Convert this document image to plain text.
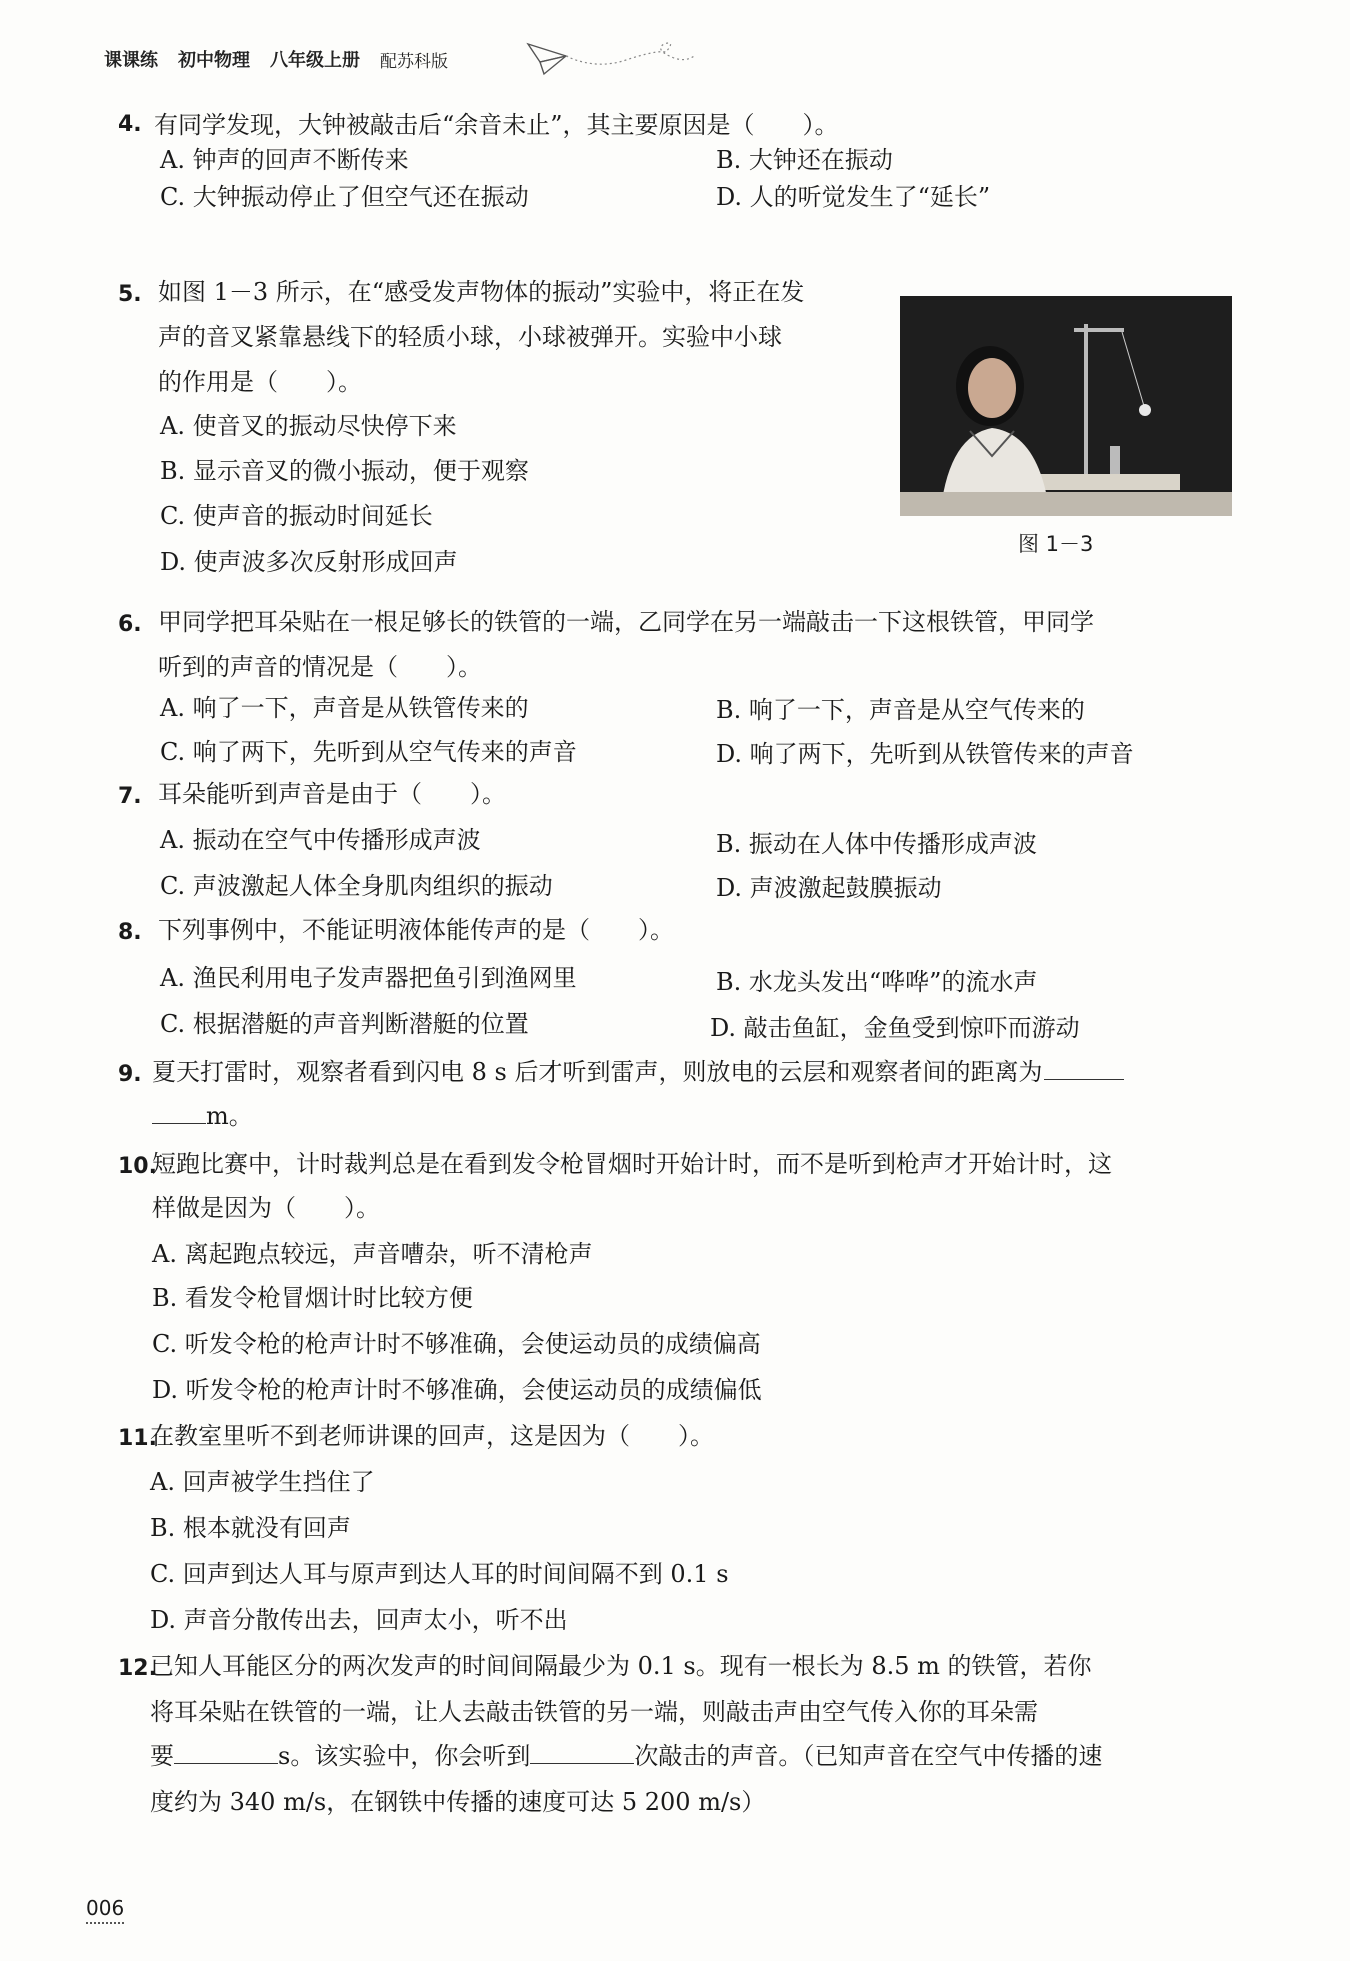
课课练 初中物理 八年级上册 配苏科版
4. 有同学发现，大钟被敲击后“余音未止”，其主要原因是（　　）。
A. 钟声的回声不断传来	B. 大钟还在振动
C. 大钟振动停止了但空气还在振动	D. 人的听觉发生了“延长”
5. 如图 1－3 所示，在“感受发声物体的振动”实验中，将正在发
声的音叉紧靠悬线下的轻质小球，小球被弹开。实验中小球
的作用是（　　）。
A. 使音叉的振动尽快停下来
B. 显示音叉的微小振动，便于观察
C. 使声音的振动时间延长
D. 使声波多次反射形成回声
图 1－3
6. 甲同学把耳朵贴在一根足够长的铁管的一端，乙同学在另一端敲击一下这根铁管，甲同学
听到的声音的情况是（　　）。
A. 响了一下，声音是从铁管传来的	B. 响了一下，声音是从空气传来的
C. 响了两下，先听到从空气传来的声音	D. 响了两下，先听到从铁管传来的声音
7. 耳朵能听到声音是由于（　　）。
A. 振动在空气中传播形成声波	B. 振动在人体中传播形成声波
C. 声波激起人体全身肌肉组织的振动	D. 声波激起鼓膜振动
8. 下列事例中，不能证明液体能传声的是（　　）。
A. 渔民利用电子发声器把鱼引到渔网里	B. 水龙头发出“哗哗”的流水声
C. 根据潜艇的声音判断潜艇的位置	D. 敲击鱼缸，金鱼受到惊吓而游动
9. 夏天打雷时，观察者看到闪电 8 s 后才听到雷声，则放电的云层和观察者间的距离为
m。
10.
短跑比赛中，计时裁判总是在看到发令枪冒烟时开始计时，而不是听到枪声才开始计时，这
样做是因为（　　）。
A. 离起跑点较远，声音嘈杂，听不清枪声
B. 看发令枪冒烟计时比较方便
C. 听发令枪的枪声计时不够准确，会使运动员的成绩偏高
D. 听发令枪的枪声计时不够准确，会使运动员的成绩偏低
11.
在教室里听不到老师讲课的回声，这是因为（　　）。
A. 回声被学生挡住了
B. 根本就没有回声
C. 回声到达人耳与原声到达人耳的时间间隔不到 0.1 s
D. 声音分散传出去，回声太小，听不出
12.
已知人耳能区分的两次发声的时间间隔最少为 0.1 s。现有一根长为 8.5 m 的铁管，若你
将耳朵贴在铁管的一端，让人去敲击铁管的另一端，则敲击声由空气传入你的耳朵需
要	s。该实验中，你会听到	次敲击的声音。（已知声音在空气中传播的速
度约为 340 m/s，在钢铁中传播的速度可达 5 200 m/s）
006
